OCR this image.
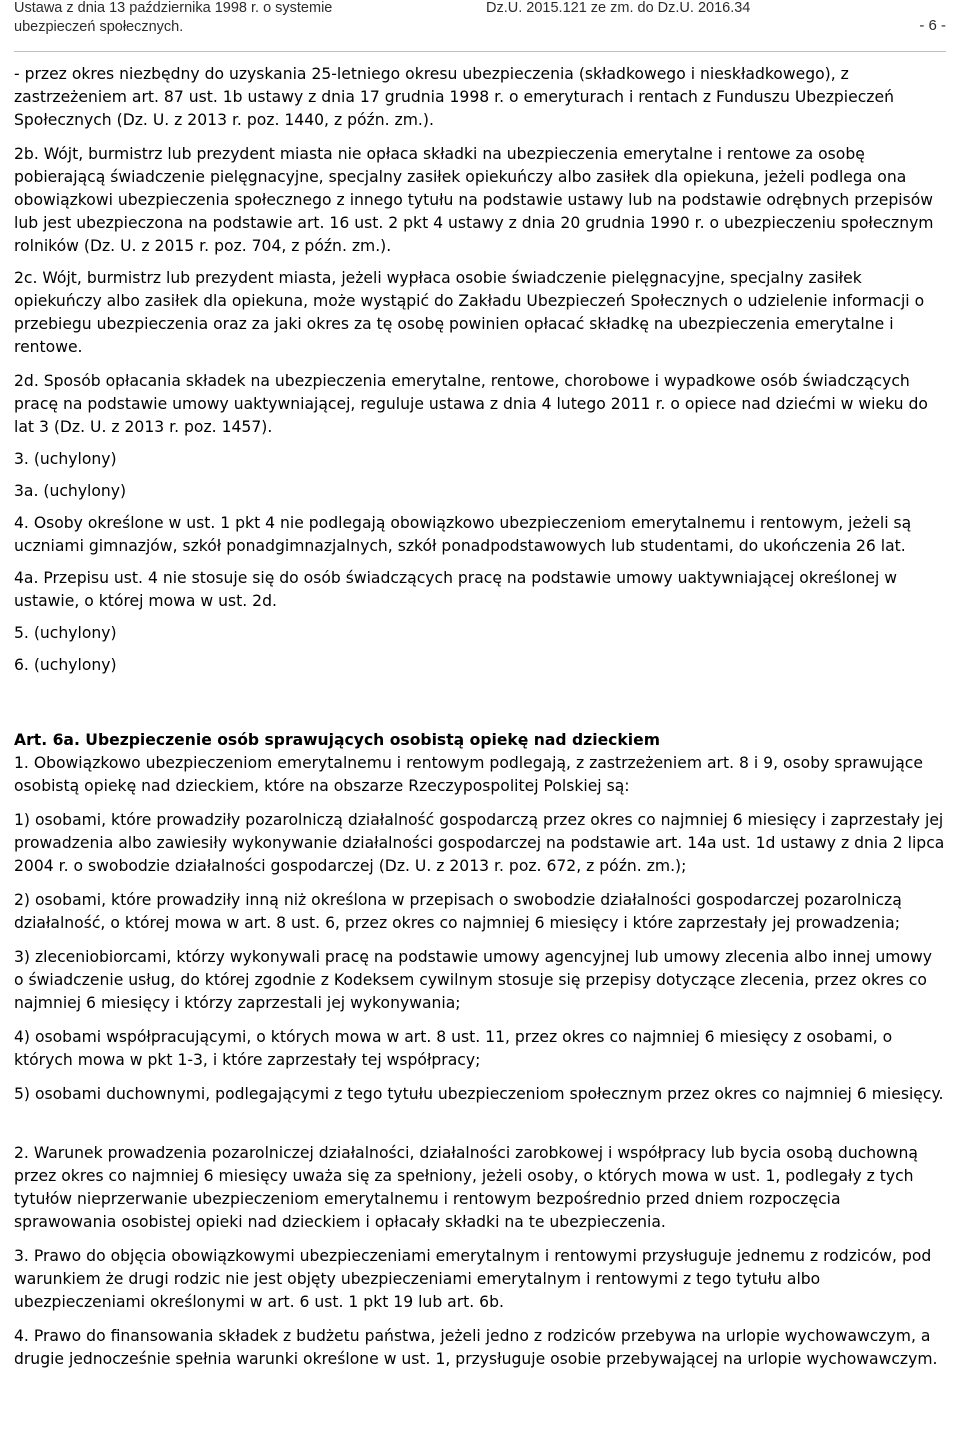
Ustawa z dnia 13 października 1998 r. o systemie
ubezpieczeń społecznych.
Dz.U. 2015.121 ze zm. do Dz.U. 2016.34
- 6 -

- przez okres niezbędny do uzyskania 25-letniego okresu ubezpieczenia (składkowego i nieskładkowego), z zastrzeżeniem art. 87 ust. 1b ustawy z dnia 17 grudnia 1998 r. o emeryturach i rentach z Funduszu Ubezpieczeń Społecznych (Dz. U. z 2013 r. poz. 1440, z późn. zm.).

2b. Wójt, burmistrz lub prezydent miasta nie opłaca składki na ubezpieczenia emerytalne i rentowe za osobę pobierającą świadczenie pielęgnacyjne, specjalny zasiłek opiekuńczy albo zasiłek dla opiekuna, jeżeli podlega ona obowiązkowi ubezpieczenia społecznego z innego tytułu na podstawie ustawy lub na podstawie odrębnych przepisów lub jest ubezpieczona na podstawie art. 16 ust. 2 pkt 4 ustawy z dnia 20 grudnia 1990 r. o ubezpieczeniu społecznym rolników (Dz. U. z 2015 r. poz. 704, z późn. zm.).

2c. Wójt, burmistrz lub prezydent miasta, jeżeli wypłaca osobie świadczenie pielęgnacyjne, specjalny zasiłek opiekuńczy albo zasiłek dla opiekuna, może wystąpić do Zakładu Ubezpieczeń Społecznych o udzielenie informacji o przebiegu ubezpieczenia oraz za jaki okres za tę osobę powinien opłacać składkę na ubezpieczenia emerytalne i rentowe.

2d. Sposób opłacania składek na ubezpieczenia emerytalne, rentowe, chorobowe i wypadkowe osób świadczących pracę na podstawie umowy uaktywniającej, reguluje ustawa z dnia 4 lutego 2011 r. o opiece nad dziećmi w wieku do lat 3 (Dz. U. z 2013 r. poz. 1457).

3. (uchylony)

3a. (uchylony)

4. Osoby określone w ust. 1 pkt 4 nie podlegają obowiązkowo ubezpieczeniom emerytalnemu i rentowym, jeżeli są uczniami gimnazjów, szkół ponadgimnazjalnych, szkół ponadpodstawowych lub studentami, do ukończenia 26 lat.

4a. Przepisu ust. 4 nie stosuje się do osób świadczących pracę na podstawie umowy uaktywniającej określonej w ustawie, o której mowa w ust. 2d.

5. (uchylony)

6. (uchylony)

Art. 6a. Ubezpieczenie osób sprawujących osobistą opiekę nad dzieckiem

1. Obowiązkowo ubezpieczeniom emerytalnemu i rentowym podlegają, z zastrzeżeniem art. 8 i 9, osoby sprawujące osobistą opiekę nad dzieckiem, które na obszarze Rzeczypospolitej Polskiej są:

1) osobami, które prowadziły pozarolniczą działalność gospodarczą przez okres co najmniej 6 miesięcy i zaprzestały jej prowadzenia albo zawiesiły wykonywanie działalności gospodarczej na podstawie art. 14a ust. 1d ustawy z dnia 2 lipca 2004 r. o swobodzie działalności gospodarczej (Dz. U. z 2013 r. poz. 672, z późn. zm.);

2) osobami, które prowadziły inną niż określona w przepisach o swobodzie działalności gospodarczej pozarolniczą działalność, o której mowa w art. 8 ust. 6, przez okres co najmniej 6 miesięcy i które zaprzestały jej prowadzenia;

3) zleceniobiorcami, którzy wykonywali pracę na podstawie umowy agencyjnej lub umowy zlecenia albo innej umowy o świadczenie usług, do której zgodnie z Kodeksem cywilnym stosuje się przepisy dotyczące zlecenia, przez okres co najmniej 6 miesięcy i którzy zaprzestali jej wykonywania;

4) osobami współpracującymi, o których mowa w art. 8 ust. 11, przez okres co najmniej 6 miesięcy z osobami, o których mowa w pkt 1-3, i które zaprzestały tej współpracy;

5) osobami duchownymi, podlegającymi z tego tytułu ubezpieczeniom społecznym przez okres co najmniej 6 miesięcy.

2. Warunek prowadzenia pozarolniczej działalności, działalności zarobkowej i współpracy lub bycia osobą duchowną przez okres co najmniej 6 miesięcy uważa się za spełniony, jeżeli osoby, o których mowa w ust. 1, podlegały z tych tytułów nieprzerwanie ubezpieczeniom emerytalnemu i rentowym bezpośrednio przed dniem rozpoczęcia sprawowania osobistej opieki nad dzieckiem i opłacały składki na te ubezpieczenia.

3. Prawo do objęcia obowiązkowymi ubezpieczeniami emerytalnym i rentowymi przysługuje jednemu z rodziców, pod warunkiem że drugi rodzic nie jest objęty ubezpieczeniami emerytalnym i rentowymi z tego tytułu albo ubezpieczeniami określonymi w art. 6 ust. 1 pkt 19 lub art. 6b.

4. Prawo do finansowania składek z budżetu państwa, jeżeli jedno z rodziców przebywa na urlopie wychowawczym, a drugie jednocześnie spełnia warunki określone w ust. 1, przysługuje osobie przebywającej na urlopie wychowawczym.
